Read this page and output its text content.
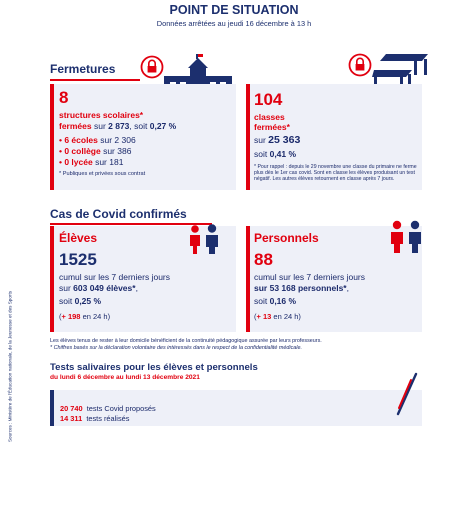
Sources : Ministère de l'Éducation nationale, de la Jeunesse et des Sports
POINT DE SITUATION
Données arrêtées au jeudi 16 décembre à 13 h
Fermetures
8
structures scolaires*
fermées sur 2 873, soit 0,27 %
• 6 écoles sur 2 306
• 0 collège sur 386
• 0 lycée sur 181
* Publiques et privées sous contrat
104
classes
fermées*
sur 25 363
soit 0,41 %
* Pour rappel : depuis le 29 novembre une classe du primaire ne ferme plus dès le 1er cas covid. Sont en classe les élèves produisant un test négatif. Les autres élèves retournent en classe après 7 jours.
Cas de Covid confirmés
Élèves
1525
cumul sur les 7 derniers jours
sur 603 049 élèves*,
soit 0,25 %
(+ 198 en 24 h)
Personnels
88
cumul sur les 7 derniers jours
sur 53 168 personnels*,
soit 0,16 %
(+ 13 en 24 h)
Les élèves tenus de rester à leur domicile bénéficient de la continuité pédagogique assurée par leurs professeurs.
* Chiffres basés sur la déclaration volontaire des intéressés dans le respect de la confidentialité médicale.
Tests salivaires pour les élèves et personnels
du lundi 6 décembre au lundi 13 décembre 2021
20 740 tests Covid proposés
14 311 tests réalisés
